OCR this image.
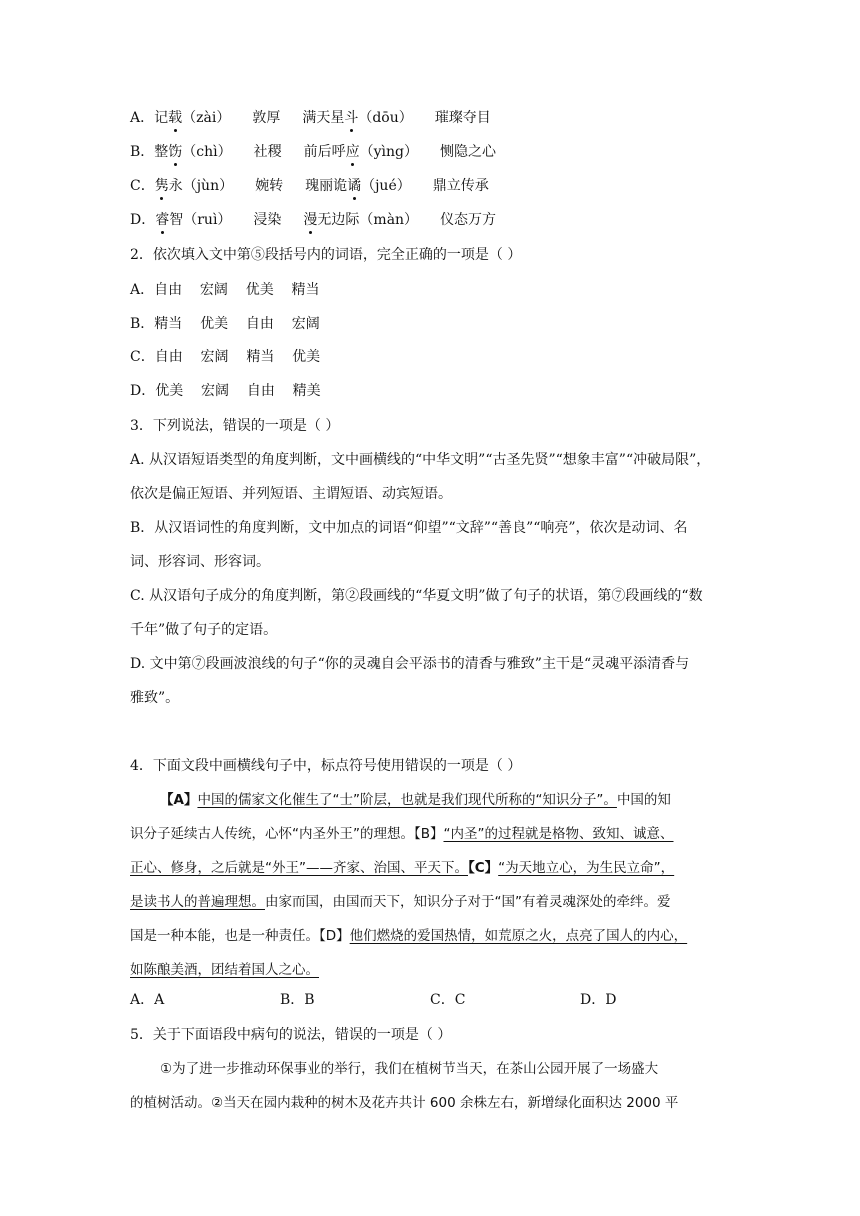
A．记载（zài） 敦厚 满天星斗（dōu） 璀璨夺目
B．整饬（chì） 社稷 前后呼应（yìng） 恻隐之心
C．隽永（jùn） 婉转 瑰丽诡谲（jué） 鼎立传承
D．睿智（ruì） 浸染 漫无边际（màn） 仪态万方
2．依次填入文中第⑤段括号内的词语，完全正确的一项是（ ）
A．自由    宏阔    优美    精当
B．精当    优美    自由    宏阔
C．自由    宏阔    精当    优美
D．优美    宏阔    自由    精美
3．下列说法，错误的一项是（ ）
A. 从汉语短语类型的角度判断，文中画横线的“中华文明”“古圣先贤”“想象丰富”“冲破局限”，
依次是偏正短语、并列短语、主谓短语、动宾短语。
B．从汉语词性的角度判断，文中加点的词语“仰望”“文辞”“善良”“响亮”，依次是动词、名
词、形容词、形容词。
C. 从汉语句子成分的角度判断，第②段画线的“华夏文明”做了句子的状语，第⑦段画线的“数
千年”做了句子的定语。
D. 文中第⑦段画波浪线的句子“你的灵魂自会平添书的清香与雅致”主干是“灵魂平添清香与
雅致”。
4．下面文段中画横线句子中，标点符号使用错误的一项是（ ）
【A】中国的儒家文化催生了“士”阶层，也就是我们现代所称的“知识分子”。中国的知
识分子延续古人传统，心怀“内圣外王”的理想。【B】“内圣”的过程就是格物、致知、诚意、
正心、修身，之后就是“外王”——齐家、治国、平天下。【C】“为天地立心，为生民立命”，
是读书人的普遍理想。由家而国，由国而天下，知识分子对于“国”有着灵魂深处的牵绊。爱
国是一种本能，也是一种责任。【D】他们燃烧的爱国热情，如荒原之火，点亮了国人的内心，
如陈酿美酒，团结着国人之心。
A．A	B．B	C．C	D．D
5．关于下面语段中病句的说法，错误的一项是（ ）
①为了进一步推动环保事业的举行，我们在植树节当天，在茶山公园开展了一场盛大
的植树活动。②当天在园内栽种的树木及花卉共计 600 余株左右，新增绿化面积达 2000 平
